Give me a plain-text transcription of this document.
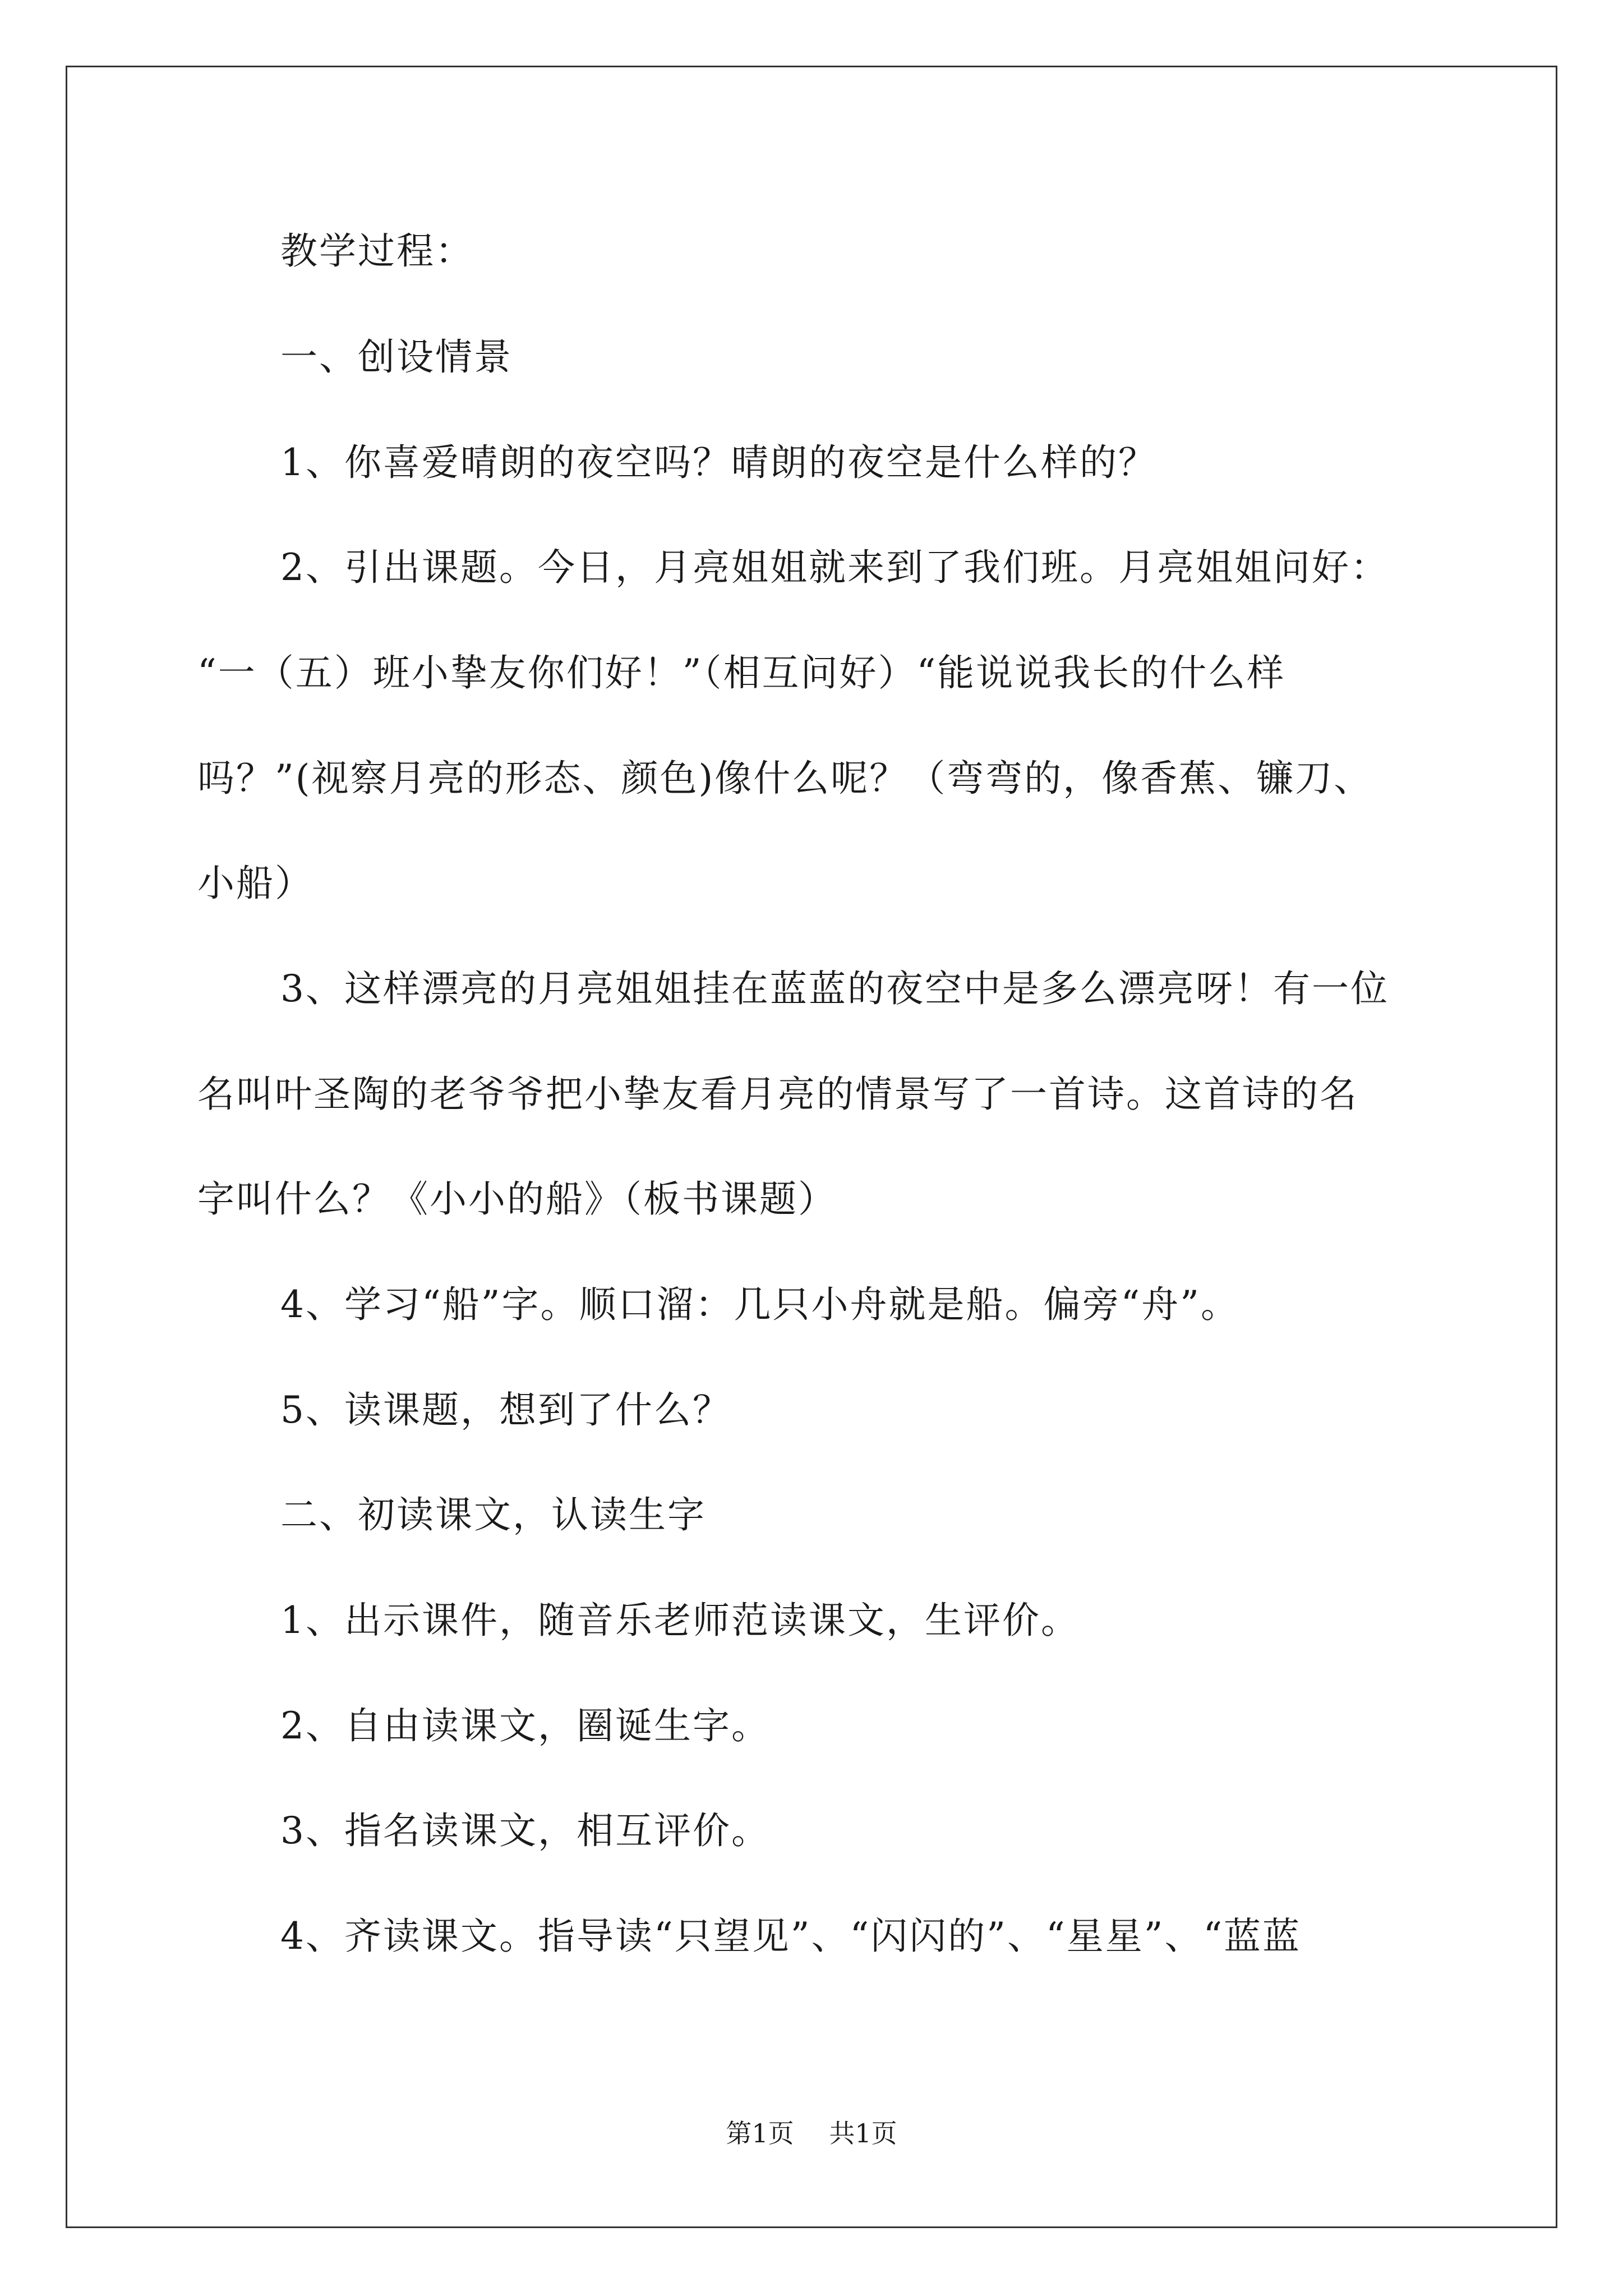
教学过程：
一、创设情景
1、你喜爱晴朗的夜空吗？晴朗的夜空是什么样的？
2、引出课题。今日，月亮姐姐就来到了我们班。月亮姐姐问好：
“一（五）班小挚友你们好！”（相互问好）“能说说我长的什么样
吗？”(视察月亮的形态、颜色)像什么呢？（弯弯的，像香蕉、镰刀、
小船）
3、这样漂亮的月亮姐姐挂在蓝蓝的夜空中是多么漂亮呀！有一位
名叫叶圣陶的老爷爷把小挚友看月亮的情景写了一首诗。这首诗的名
字叫什么？《小小的船》（板书课题）
4、学习“船”字。顺口溜：几只小舟就是船。偏旁“舟”。
5、读课题，想到了什么？
二、初读课文，认读生字
1、出示课件，随音乐老师范读课文，生评价。
2、自由读课文，圈诞生字。
3、指名读课文，相互评价。
4、齐读课文。指导读“只望见”、“闪闪的”、“星星”、“蓝蓝
第1页 共1页
